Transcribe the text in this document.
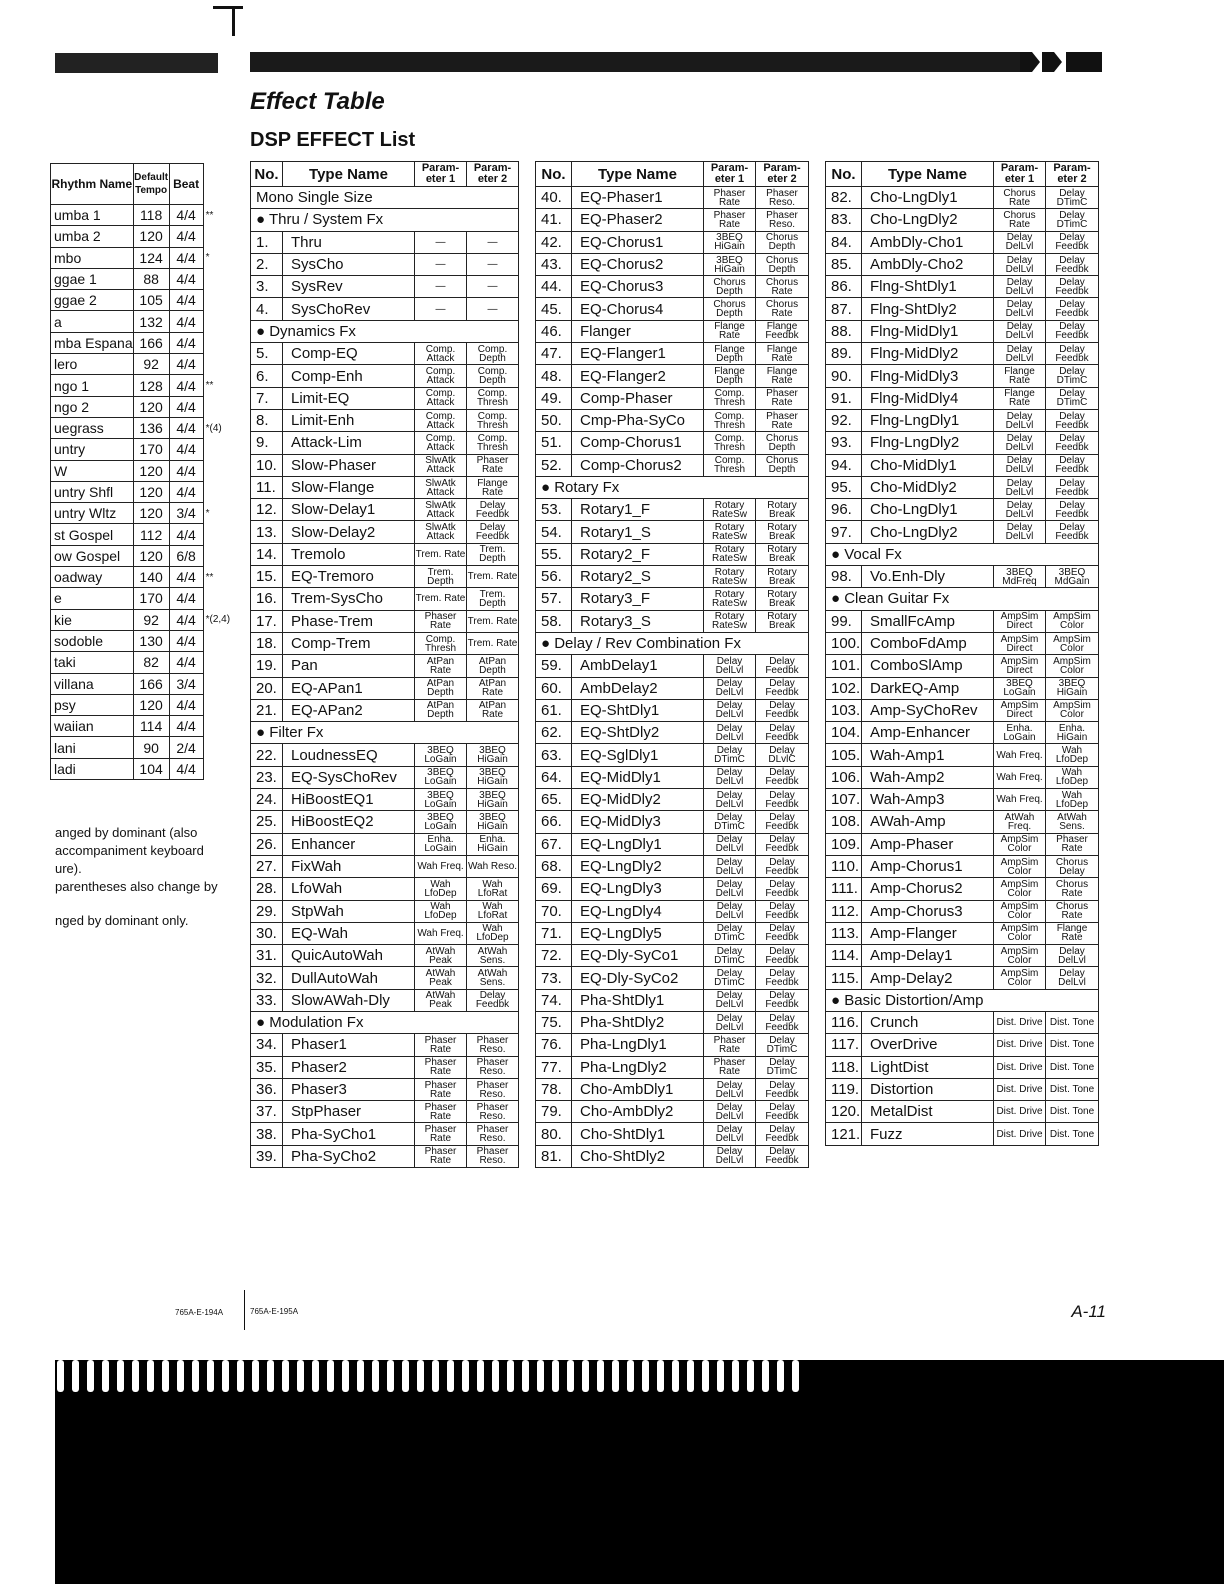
Effect Table
DSP EFFECT List
Rhythm Name	Default Tempo	Beat	
umba 1	118	4/4	**
umba 2	120	4/4	
mbo	124	4/4	*
ggae 1	88	4/4	
ggae 2	105	4/4	
a	132	4/4	
mba Espana	166	4/4	
lero	92	4/4	
ngo 1	128	4/4	**
ngo 2	120	4/4	
uegrass	136	4/4	*(4)
untry	170	4/4	
W	120	4/4	
untry Shfl	120	4/4	
untry Wltz	120	3/4	*
st Gospel	112	4/4	
ow Gospel	120	6/8	
oadway	140	4/4	**
e	170	4/4	
kie	92	4/4	*(2,4)
sodoble	130	4/4	
taki	82	4/4	
villana	166	3/4	
psy	120	4/4	
waiian	114	4/4	
lani	90	2/4	
ladi	104	4/4	
anged by dominant (also
accompaniment keyboard
ure).
parentheses also change by
nged by dominant only.
No.	Type Name	Param-eter 1	Param-eter 2
Mono Single Size			
● Thru / System Fx			
1.	Thru	—	—
2.	SysCho	—	—
3.	SysRev	—	—
4.	SysChoRev	—	—
● Dynamics Fx			
5.	Comp-EQ	Comp. Attack	Comp. Depth
6.	Comp-Enh	Comp. Attack	Comp. Depth
7.	Limit-EQ	Comp. Attack	Comp. Thresh
8.	Limit-Enh	Comp. Attack	Comp. Thresh
9.	Attack-Lim	Comp. Attack	Comp. Thresh
10.	Slow-Phaser	SlwAtk Attack	Phaser Rate
11.	Slow-Flange	SlwAtk Attack	Flange Rate
12.	Slow-Delay1	SlwAtk Attack	Delay Feedbk
13.	Slow-Delay2	SlwAtk Attack	Delay Feedbk
14.	Tremolo	Trem. Rate	Trem. Depth
15.	EQ-Tremoro	Trem. Depth	Trem. Rate
16.	Trem-SysCho	Trem. Rate	Trem. Depth
17.	Phase-Trem	Phaser Rate	Trem. Rate
18.	Comp-Trem	Comp. Thresh	Trem. Rate
19.	Pan	AtPan Rate	AtPan Depth
20.	EQ-APan1	AtPan Depth	AtPan Rate
21.	EQ-APan2	AtPan Depth	AtPan Rate
● Filter Fx			
22.	LoudnessEQ	3BEQ LoGain	3BEQ HiGain
23.	EQ-SysChoRev	3BEQ LoGain	3BEQ HiGain
24.	HiBoostEQ1	3BEQ LoGain	3BEQ HiGain
25.	HiBoostEQ2	3BEQ LoGain	3BEQ HiGain
26.	Enhancer	Enha. LoGain	Enha. HiGain
27.	FixWah	Wah Freq.	Wah Reso.
28.	LfoWah	Wah LfoDep	Wah LfoRat
29.	StpWah	Wah LfoDep	Wah LfoRat
30.	EQ-Wah	Wah Freq.	Wah LfoDep
31.	QuicAutoWah	AtWah Peak	AtWah Sens.
32.	DullAutoWah	AtWah Peak	AtWah Sens.
33.	SlowAWah-Dly	AtWah Peak	Delay Feedbk
● Modulation Fx			
34.	Phaser1	Phaser Rate	Phaser Reso.
35.	Phaser2	Phaser Rate	Phaser Reso.
36.	Phaser3	Phaser Rate	Phaser Reso.
37.	StpPhaser	Phaser Rate	Phaser Reso.
38.	Pha-SyCho1	Phaser Rate	Phaser Reso.
39.	Pha-SyCho2	Phaser Rate	Phaser Reso.
No.	Type Name	Param-eter 1	Param-eter 2
40.	EQ-Phaser1	Phaser Rate	Phaser Reso.
41.	EQ-Phaser2	Phaser Rate	Phaser Reso.
42.	EQ-Chorus1	3BEQ HiGain	Chorus Depth
43.	EQ-Chorus2	3BEQ HiGain	Chorus Depth
44.	EQ-Chorus3	Chorus Depth	Chorus Rate
45.	EQ-Chorus4	Chorus Depth	Chorus Rate
46.	Flanger	Flange Rate	Flange Feedbk
47.	EQ-Flanger1	Flange Depth	Flange Rate
48.	EQ-Flanger2	Flange Depth	Flange Rate
49.	Comp-Phaser	Comp. Thresh	Phaser Rate
50.	Cmp-Pha-SyCo	Comp. Thresh	Phaser Rate
51.	Comp-Chorus1	Comp. Thresh	Chorus Depth
52.	Comp-Chorus2	Comp. Thresh	Chorus Depth
● Rotary Fx			
53.	Rotary1_F	Rotary RateSw	Rotary Break
54.	Rotary1_S	Rotary RateSw	Rotary Break
55.	Rotary2_F	Rotary RateSw	Rotary Break
56.	Rotary2_S	Rotary RateSw	Rotary Break
57.	Rotary3_F	Rotary RateSw	Rotary Break
58.	Rotary3_S	Rotary RateSw	Rotary Break
● Delay / Rev Combination Fx			
59.	AmbDelay1	Delay DelLvl	Delay Feedbk
60.	AmbDelay2	Delay DelLvl	Delay Feedbk
61.	EQ-ShtDly1	Delay DelLvl	Delay Feedbk
62.	EQ-ShtDly2	Delay DelLvl	Delay Feedbk
63.	EQ-SglDly1	Delay DTimC	Delay DLvlC
64.	EQ-MidDly1	Delay DelLvl	Delay Feedbk
65.	EQ-MidDly2	Delay DelLvl	Delay Feedbk
66.	EQ-MidDly3	Delay DTimC	Delay Feedbk
67.	EQ-LngDly1	Delay DelLvl	Delay Feedbk
68.	EQ-LngDly2	Delay DelLvl	Delay Feedbk
69.	EQ-LngDly3	Delay DelLvl	Delay Feedbk
70.	EQ-LngDly4	Delay DelLvl	Delay Feedbk
71.	EQ-LngDly5	Delay DTimC	Delay Feedbk
72.	EQ-Dly-SyCo1	Delay DTimC	Delay Feedbk
73.	EQ-Dly-SyCo2	Delay DTimC	Delay Feedbk
74.	Pha-ShtDly1	Delay DelLvl	Delay Feedbk
75.	Pha-ShtDly2	Delay DelLvl	Delay Feedbk
76.	Pha-LngDly1	Phaser Rate	Delay DTimC
77.	Pha-LngDly2	Phaser Rate	Delay DTimC
78.	Cho-AmbDly1	Delay DelLvl	Delay Feedbk
79.	Cho-AmbDly2	Delay DelLvl	Delay Feedbk
80.	Cho-ShtDly1	Delay DelLvl	Delay Feedbk
81.	Cho-ShtDly2	Delay DelLvl	Delay Feedbk
No.	Type Name	Param-eter 1	Param-eter 2
82.	Cho-LngDly1	Chorus Rate	Delay DTimC
83.	Cho-LngDly2	Chorus Rate	Delay DTimC
84.	AmbDly-Cho1	Delay DelLvl	Delay Feedbk
85.	AmbDly-Cho2	Delay DelLvl	Delay Feedbk
86.	Flng-ShtDly1	Delay DelLvl	Delay Feedbk
87.	Flng-ShtDly2	Delay DelLvl	Delay Feedbk
88.	Flng-MidDly1	Delay DelLvl	Delay Feedbk
89.	Flng-MidDly2	Delay DelLvl	Delay Feedbk
90.	Flng-MidDly3	Flange Rate	Delay DTimC
91.	Flng-MidDly4	Flange Rate	Delay DTimC
92.	Flng-LngDly1	Delay DelLvl	Delay Feedbk
93.	Flng-LngDly2	Delay DelLvl	Delay Feedbk
94.	Cho-MidDly1	Delay DelLvl	Delay Feedbk
95.	Cho-MidDly2	Delay DelLvl	Delay Feedbk
96.	Cho-LngDly1	Delay DelLvl	Delay Feedbk
97.	Cho-LngDly2	Delay DelLvl	Delay Feedbk
● Vocal Fx			
98.	Vo.Enh-Dly	3BEQ MdFreq	3BEQ MdGain
● Clean Guitar Fx			
99.	SmallFcAmp	AmpSim Direct	AmpSim Color
100.	ComboFdAmp	AmpSim Direct	AmpSim Color
101.	ComboSlAmp	AmpSim Direct	AmpSim Color
102.	DarkEQ-Amp	3BEQ LoGain	3BEQ HiGain
103.	Amp-SyChoRev	AmpSim Direct	AmpSim Color
104.	Amp-Enhancer	Enha. LoGain	Enha. HiGain
105.	Wah-Amp1	Wah Freq.	Wah LfoDep
106.	Wah-Amp2	Wah Freq.	Wah LfoDep
107.	Wah-Amp3	Wah Freq.	Wah LfoDep
108.	AWah-Amp	AtWah Freq.	AtWah Sens.
109.	Amp-Phaser	AmpSim Color	Phaser Rate
110.	Amp-Chorus1	AmpSim Color	Chorus Delay
111.	Amp-Chorus2	AmpSim Color	Chorus Rate
112.	Amp-Chorus3	AmpSim Color	Chorus Rate
113.	Amp-Flanger	AmpSim Color	Flange Rate
114.	Amp-Delay1	AmpSim Color	Delay DelLvl
115.	Amp-Delay2	AmpSim Color	Delay DelLvl
● Basic Distortion/Amp			
116.	Crunch	Dist. Drive	Dist. Tone
117.	OverDrive	Dist. Drive	Dist. Tone
118.	LightDist	Dist. Drive	Dist. Tone
119.	Distortion	Dist. Drive	Dist. Tone
120.	MetalDist	Dist. Drive	Dist. Tone
121.	Fuzz	Dist. Drive	Dist. Tone
765A-E-194A	765A-E-195A	A-11
